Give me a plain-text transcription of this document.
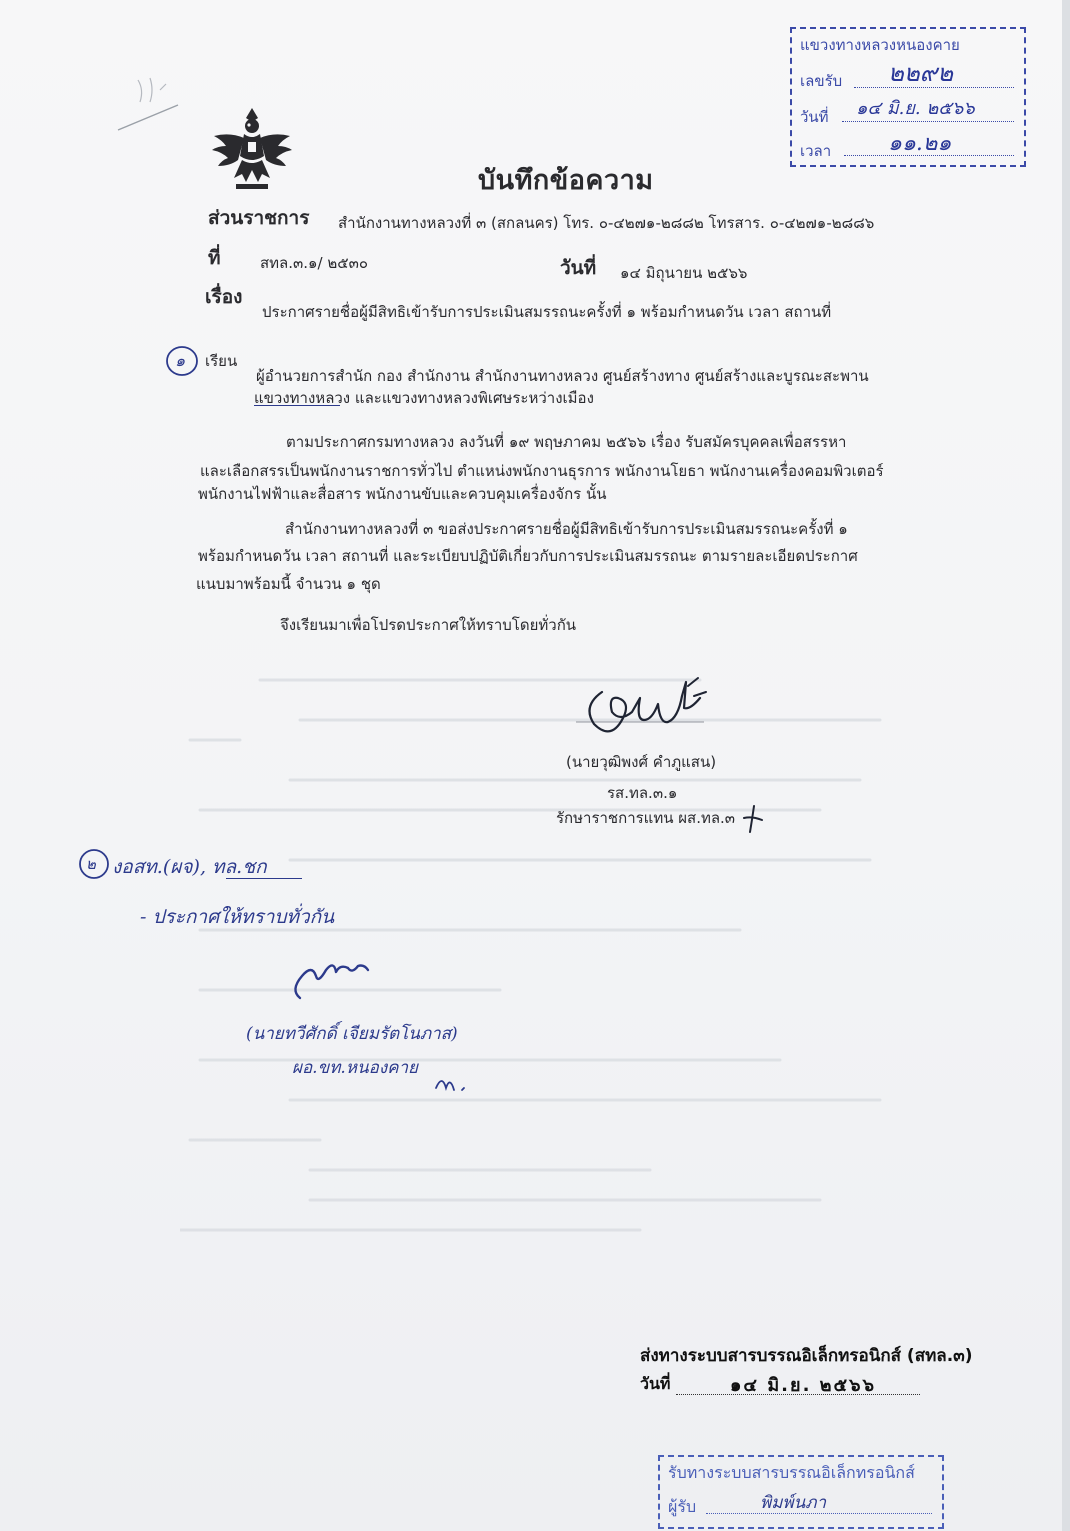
แขวงทางหลวงหนองคาย
เลขรับ ๒๒๙๒
วันที่ ๑๔ มิ.ย. ๒๕๖๖
เวลา	๑๑.๒๑
บันทึกข้อความ
ส่วนราชการ สำนักงานทางหลวงที่ ๓ (สกลนคร) โทร. ๐-๔๒๗๑-๒๘๘๒ โทรสาร. ๐-๔๒๗๑-๒๘๘๖
ที่	สทล.๓.๑/ ๒๕๓๐	วันที่ ๑๔ มิถุนายน ๒๕๖๖
เรื่อง
ประกาศรายชื่อผู้มีสิทธิเข้ารับการประเมินสมรรถนะครั้งที่ ๑ พร้อมกำหนดวัน เวลา สถานที่
๑ เรียน
ผู้อำนวยการสำนัก กอง สำนักงาน สำนักงานทางหลวง ศูนย์สร้างทาง ศูนย์สร้างและบูรณะสะพาน
แขวงทางหลวง และแขวงทางหลวงพิเศษระหว่างเมือง
ตามประกาศกรมทางหลวง ลงวันที่ ๑๙ พฤษภาคม ๒๕๖๖ เรื่อง รับสมัครบุคคลเพื่อสรรหา
และเลือกสรรเป็นพนักงานราชการทั่วไป ตำแหน่งพนักงานธุรการ พนักงานโยธา พนักงานเครื่องคอมพิวเตอร์
พนักงานไฟฟ้าและสื่อสาร พนักงานขับและควบคุมเครื่องจักร นั้น
สำนักงานทางหลวงที่ ๓ ขอส่งประกาศรายชื่อผู้มีสิทธิเข้ารับการประเมินสมรรถนะครั้งที่ ๑
พร้อมกำหนดวัน เวลา สถานที่ และระเบียบปฏิบัติเกี่ยวกับการประเมินสมรรถนะ ตามรายละเอียดประกาศ
แนบมาพร้อมนี้ จำนวน ๑ ชุด
จึงเรียนมาเพื่อโปรดประกาศให้ทราบโดยทั่วกัน
(นายวุฒิพงศ์ คำภูแสน)
รส.ทล.๓.๑
รักษาราชการแทน ผส.ทล.๓
๒ งอสท.(ผจ), ทล.ชก
- ประกาศให้ทราบทั่วกัน
(นายทวีศักดิ์ เจียมรัตโนภาส)
ผอ.ขท.หนองคาย
ส่งทางระบบสารบรรณอิเล็กทรอนิกส์ (สทล.๓)
วันที่	๑๔ มิ.ย. ๒๕๖๖
รับทางระบบสารบรรณอิเล็กทรอนิกส์
ผู้รับ	พิมพ์นภา
